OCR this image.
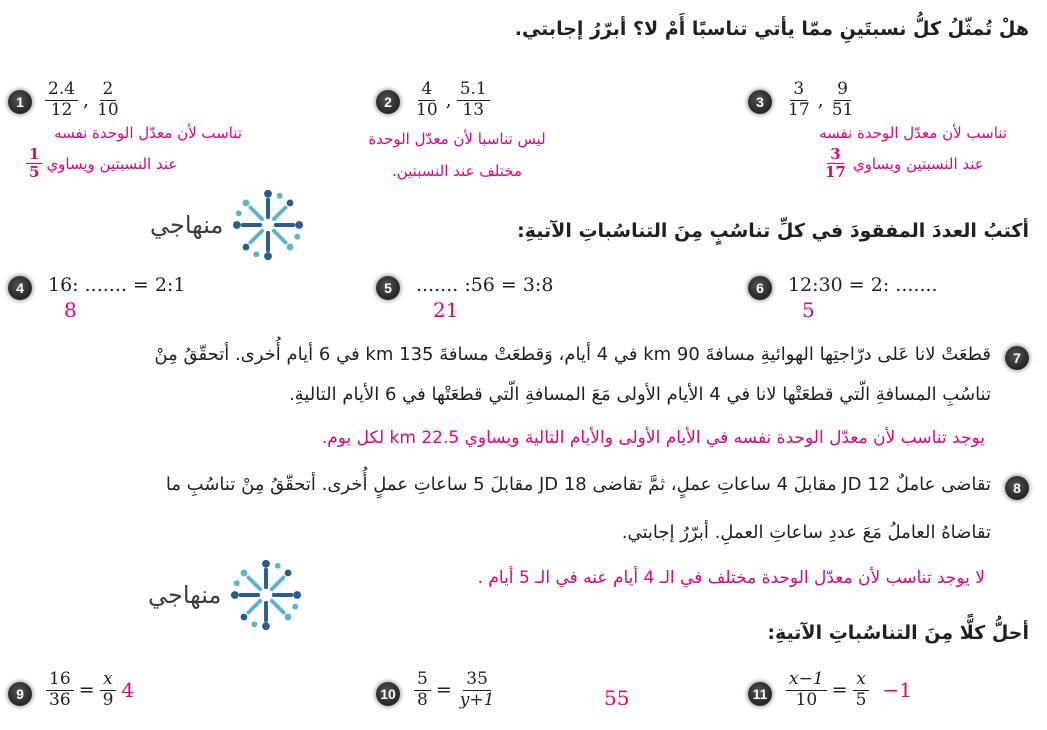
هلْ تُمثّلُ كلُّ نسبتَينِ ممّا يأتي تناسبًا أَمْ لا؟ أبرّرُ إجابتي.
1	$\frac{2.4}{12}$ , $\frac{2}{10}$
تناسب لأن معدّل الوحدة نفسه
$\frac{1}{5}$ عند النسبتين ويساوي
2	$\frac{4}{10}$ , $\frac{5.1}{13}$
ليس تناسبا لأن معدّل الوحدة
مختلف عند النسبتين.
3	$\frac{3}{17}$ , $\frac{9}{51}$
تناسب لأن معدّل الوحدة نفسه
$\frac{3}{17}$ عند النسبتين ويساوي
منهاجي	أكتبُ العددَ المفقودَ في كلِّ تناسُبٍ مِنَ التناسُباتِ الآتيةِ:
4	16: ....... = 2:1
8
5	....... :56 = 3:8
21
6	12:30 = 2: .......
5
7
قطعَتْ لانا عَلى درّاجتِها الهوائيةِ مسافةَ 90 km في 4 أيام، وَقطعَتْ مسافةَ 135 km في 6 أيام أُخرى. أتحقّقُ مِنْ
تناسُبِ المسافةِ الّتي قطعَتْها لانا في 4 الأيام الأولى مَعَ المسافةِ الّتي قطعَتْها في 6 الأيام التاليةِ.
يوجد تناسب لأن معدّل الوحدة نفسه في الأيام الأولى والأيام التالية ويساوي 22.5 km لكل يوم.
8
تقاضى عاملٌ 12 JD مقابلَ 4 ساعاتِ عملٍ، ثمَّ تقاضى 18 JD مقابلَ 5 ساعاتِ عملٍ أُخرى. أتحقّقُ مِنْ تناسُبِ ما
تقاضاهُ العاملُ مَعَ عددِ ساعاتِ العملِ. أبرّرُ إجابتي.
لا يوجد تناسب لأن معدّل الوحدة مختلف في الـ 4 أيام عنه في الـ 5 أيام .
منهاجي
أحلُّ كلًّا مِنَ التناسُباتِ الآتيةِ:
9	$\frac{16}{36} = \frac{x}{9} 4$	$10 \frac{5}{8} = \frac{35}{y+1}$	55	$11 \frac{x-1}{10} = \frac{x}{5} -1$
